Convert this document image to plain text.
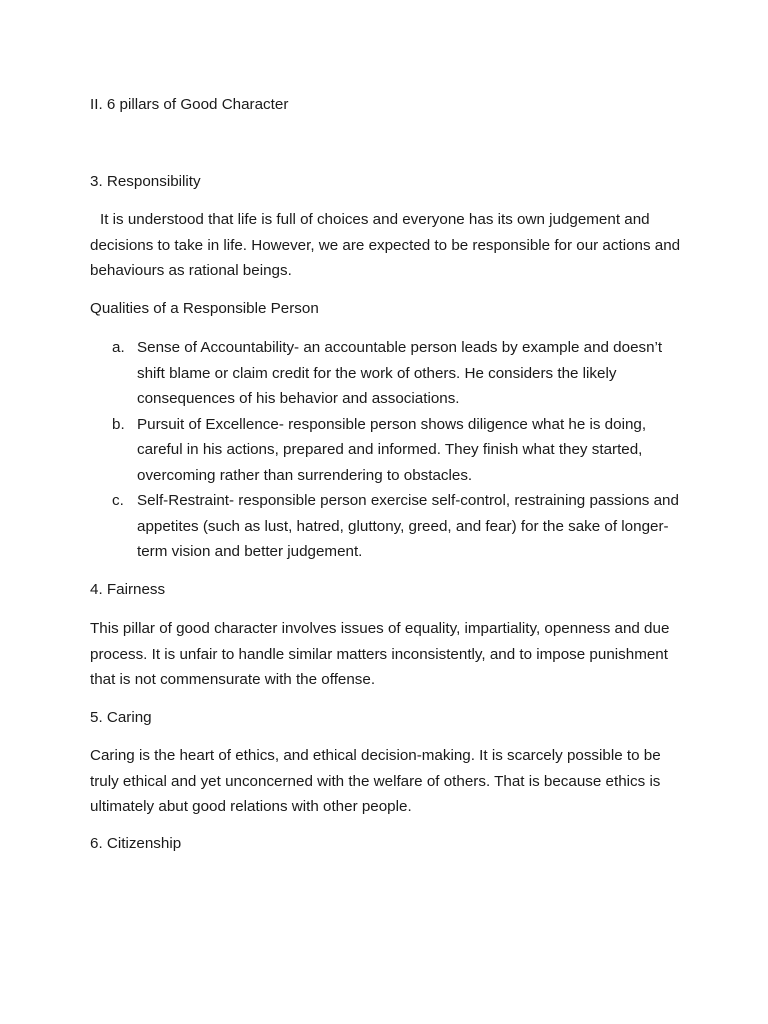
II. 6 pillars of Good Character
3. Responsibility
It is understood that life is full of choices and everyone has its own judgement and decisions to take in life. However, we are expected to be responsible for our actions and behaviours as rational beings.
Qualities of a Responsible Person
a. Sense of Accountability- an accountable person leads by example and doesn’t shift blame or claim credit for the work of others. He considers the likely consequences of his behavior and associations.
b. Pursuit of Excellence- responsible person shows diligence what he is doing, careful in his actions, prepared and informed. They finish what they started, overcoming rather than surrendering to obstacles.
c. Self-Restraint- responsible person exercise self-control, restraining passions and appetites (such as lust, hatred, gluttony, greed, and fear) for the sake of longer-term vision and better judgement.
4. Fairness
This pillar of good character involves issues of equality, impartiality, openness and due process. It is unfair to handle similar matters inconsistently, and to impose punishment that is not commensurate with the offense.
5. Caring
Caring is the heart of ethics, and ethical decision-making. It is scarcely possible to be truly ethical and yet unconcerned with the welfare of others. That is because ethics is ultimately abut good relations with other people.
6. Citizenship
